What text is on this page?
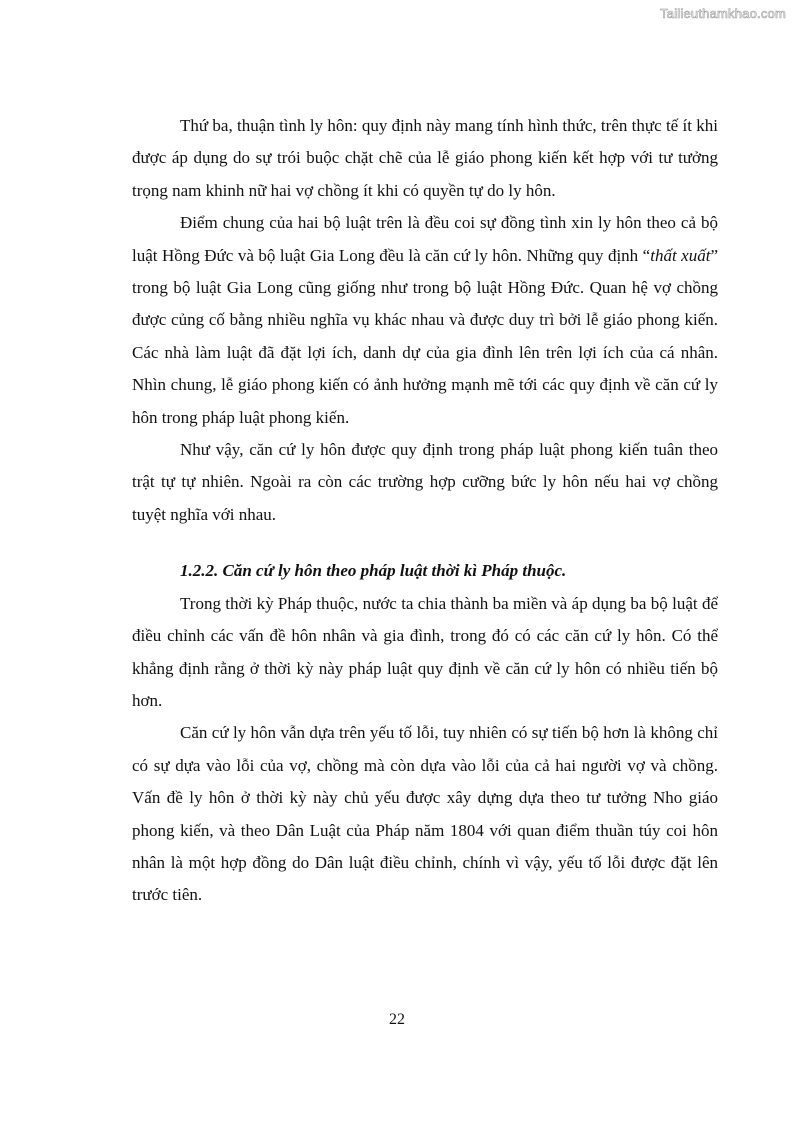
Tailieuthamkhao.com

Thứ ba, thuận tình ly hôn: quy định này mang tính hình thức, trên thực tế ít khi được áp dụng do sự trói buộc chặt chẽ của lễ giáo phong kiến kết hợp với tư tưởng trọng nam khinh nữ hai vợ chồng ít khi có quyền tự do ly hôn.

Điểm chung của hai bộ luật trên là đều coi sự đồng tình xin ly hôn theo cả bộ luật Hồng Đức và bộ luật Gia Long đều là căn cứ ly hôn. Những quy định “thất xuất” trong bộ luật Gia Long cũng giống như trong bộ luật Hồng Đức. Quan hệ vợ chồng được củng cố bằng nhiều nghĩa vụ khác nhau và được duy trì bởi lễ giáo phong kiến. Các nhà làm luật đã đặt lợi ích, danh dự của gia đình lên trên lợi ích của cá nhân. Nhìn chung, lễ giáo phong kiến có ảnh hưởng mạnh mẽ tới các quy định về căn cứ ly hôn trong pháp luật phong kiến.

Như vậy, căn cứ ly hôn được quy định trong pháp luật phong kiến tuân theo trật tự tự nhiên. Ngoài ra còn các trường hợp cưỡng bức ly hôn nếu hai vợ chồng tuyệt nghĩa với nhau.

1.2.2. Căn cứ ly hôn theo pháp luật thời kì Pháp thuộc.

Trong thời kỳ Pháp thuộc, nước ta chia thành ba miền và áp dụng ba bộ luật để điều chỉnh các vấn đề hôn nhân và gia đình, trong đó có các căn cứ ly hôn. Có thể khẳng định rằng ở thời kỳ này pháp luật quy định về căn cứ ly hôn có nhiều tiến bộ hơn.

Căn cứ ly hôn vẫn dựa trên yếu tố lỗi, tuy nhiên có sự tiến bộ hơn là không chỉ có sự dựa vào lỗi của vợ, chồng mà còn dựa vào lỗi của cả hai người vợ và chồng. Vấn đề ly hôn ở thời kỳ này chủ yếu được xây dựng dựa theo tư tưởng Nho giáo phong kiến, và theo Dân Luật của Pháp năm 1804 với quan điểm thuần túy coi hôn nhân là một hợp đồng do Dân luật điều chỉnh, chính vì vậy, yếu tố lỗi được đặt lên trước tiên.

22
